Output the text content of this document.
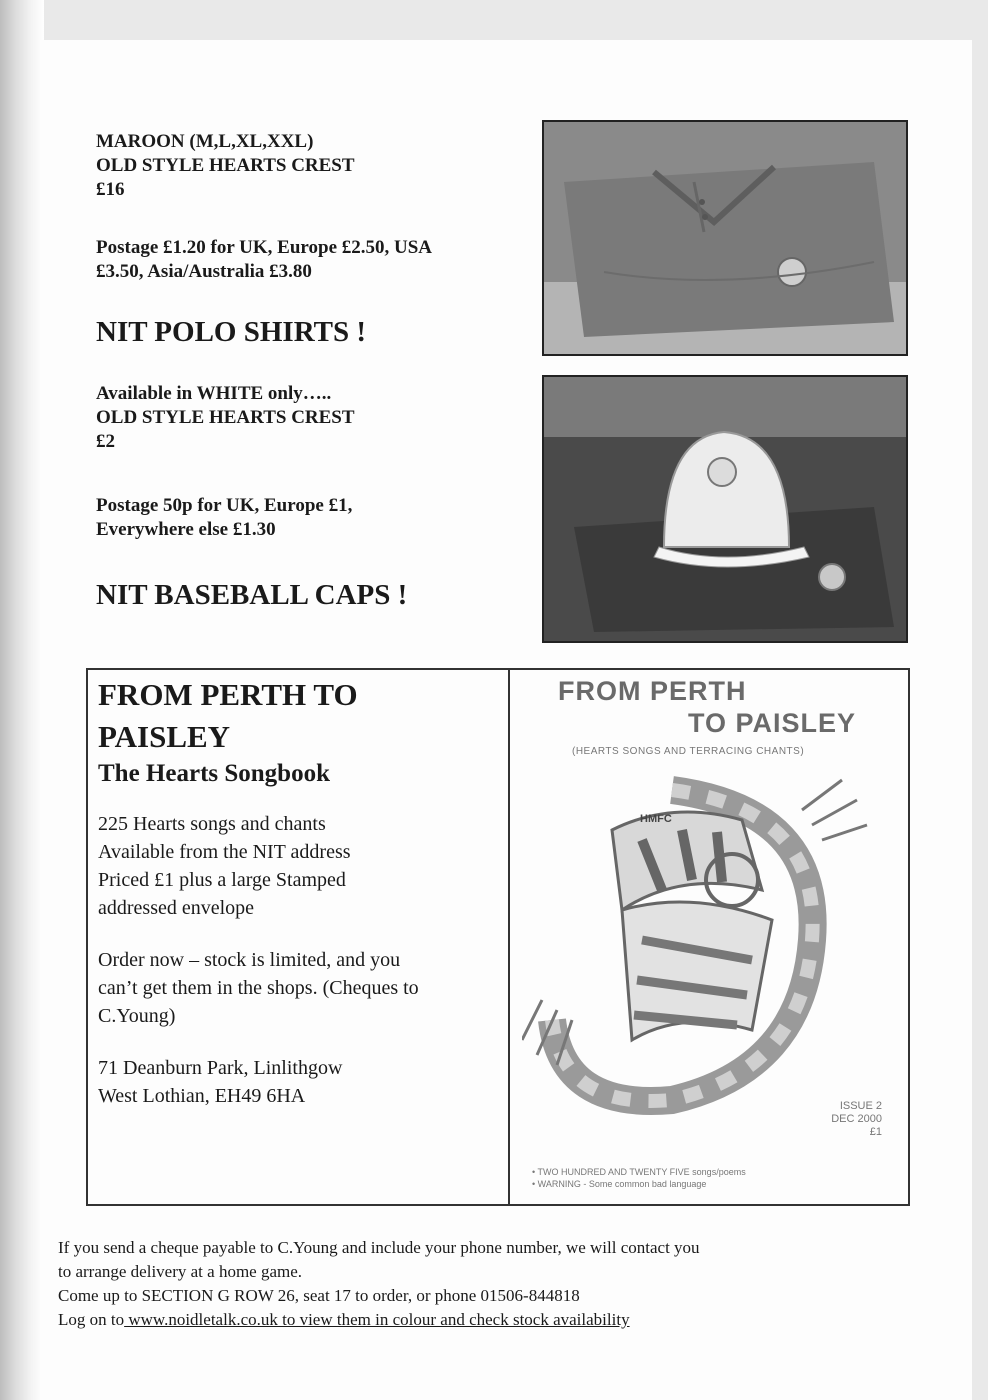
MAROON (M,L,XL,XXL)
OLD STYLE HEARTS CREST
£16
Postage £1.20 for UK, Europe £2.50, USA
£3.50, Asia/Australia £3.80
NIT POLO SHIRTS !
Available in WHITE only…..
OLD STYLE HEARTS CREST
£2
Postage 50p for UK, Europe £1,
Everywhere else £1.30
NIT BASEBALL CAPS !
FROM PERTH TO
PAISLEY
The Hearts Songbook
225 Hearts songs and chants
Available from the NIT address
Priced £1 plus a large Stamped
addressed envelope
Order now – stock is limited, and you
can’t get them in the shops. (Cheques to
C.Young)
71 Deanburn Park, Linlithgow
West Lothian, EH49 6HA

FROM PERTH

TO PAISLEY

(HEARTS SONGS AND TERRACING CHANTS)

HMFC

ISSUE 2
DEC 2000
£1

• TWO HUNDRED AND TWENTY FIVE songs/poems
• WARNING - Some common bad language

If you send a cheque payable to C.Young and include your phone number, we will contact you
to arrange delivery at a home game.
Come up to SECTION G ROW 26, seat 17 to order, or phone 01506-844818
Log on to www.noidletalk.co.uk to view them in colour and check stock availability
